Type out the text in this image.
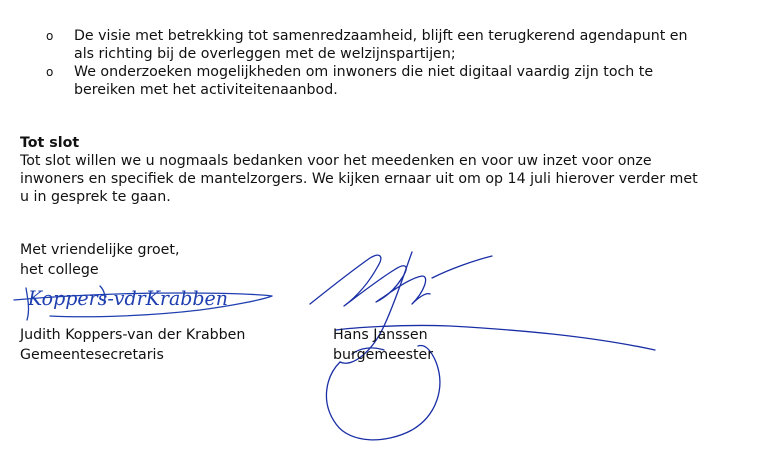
o	De visie met betrekking tot samenredzaamheid, blijft een terugkerend agendapunt en
als richting bij de overleggen met de welzijnspartijen;
o	We onderzoeken mogelijkheden om inwoners die niet digitaal vaardig zijn toch te
bereiken met het activiteitenaanbod.
Tot slot
Tot slot willen we u nogmaals bedanken voor het meedenken en voor uw inzet voor onze
inwoners en specifiek de mantelzorgers. We kijken ernaar uit om op 14 juli hierover verder met
u in gesprek te gaan.
Met vriendelijke groet,
het college
Koppers-vdrKrabben
Judith Koppers-van der Krabben
Gemeentesecretaris
Hans Janssen
burgemeester
